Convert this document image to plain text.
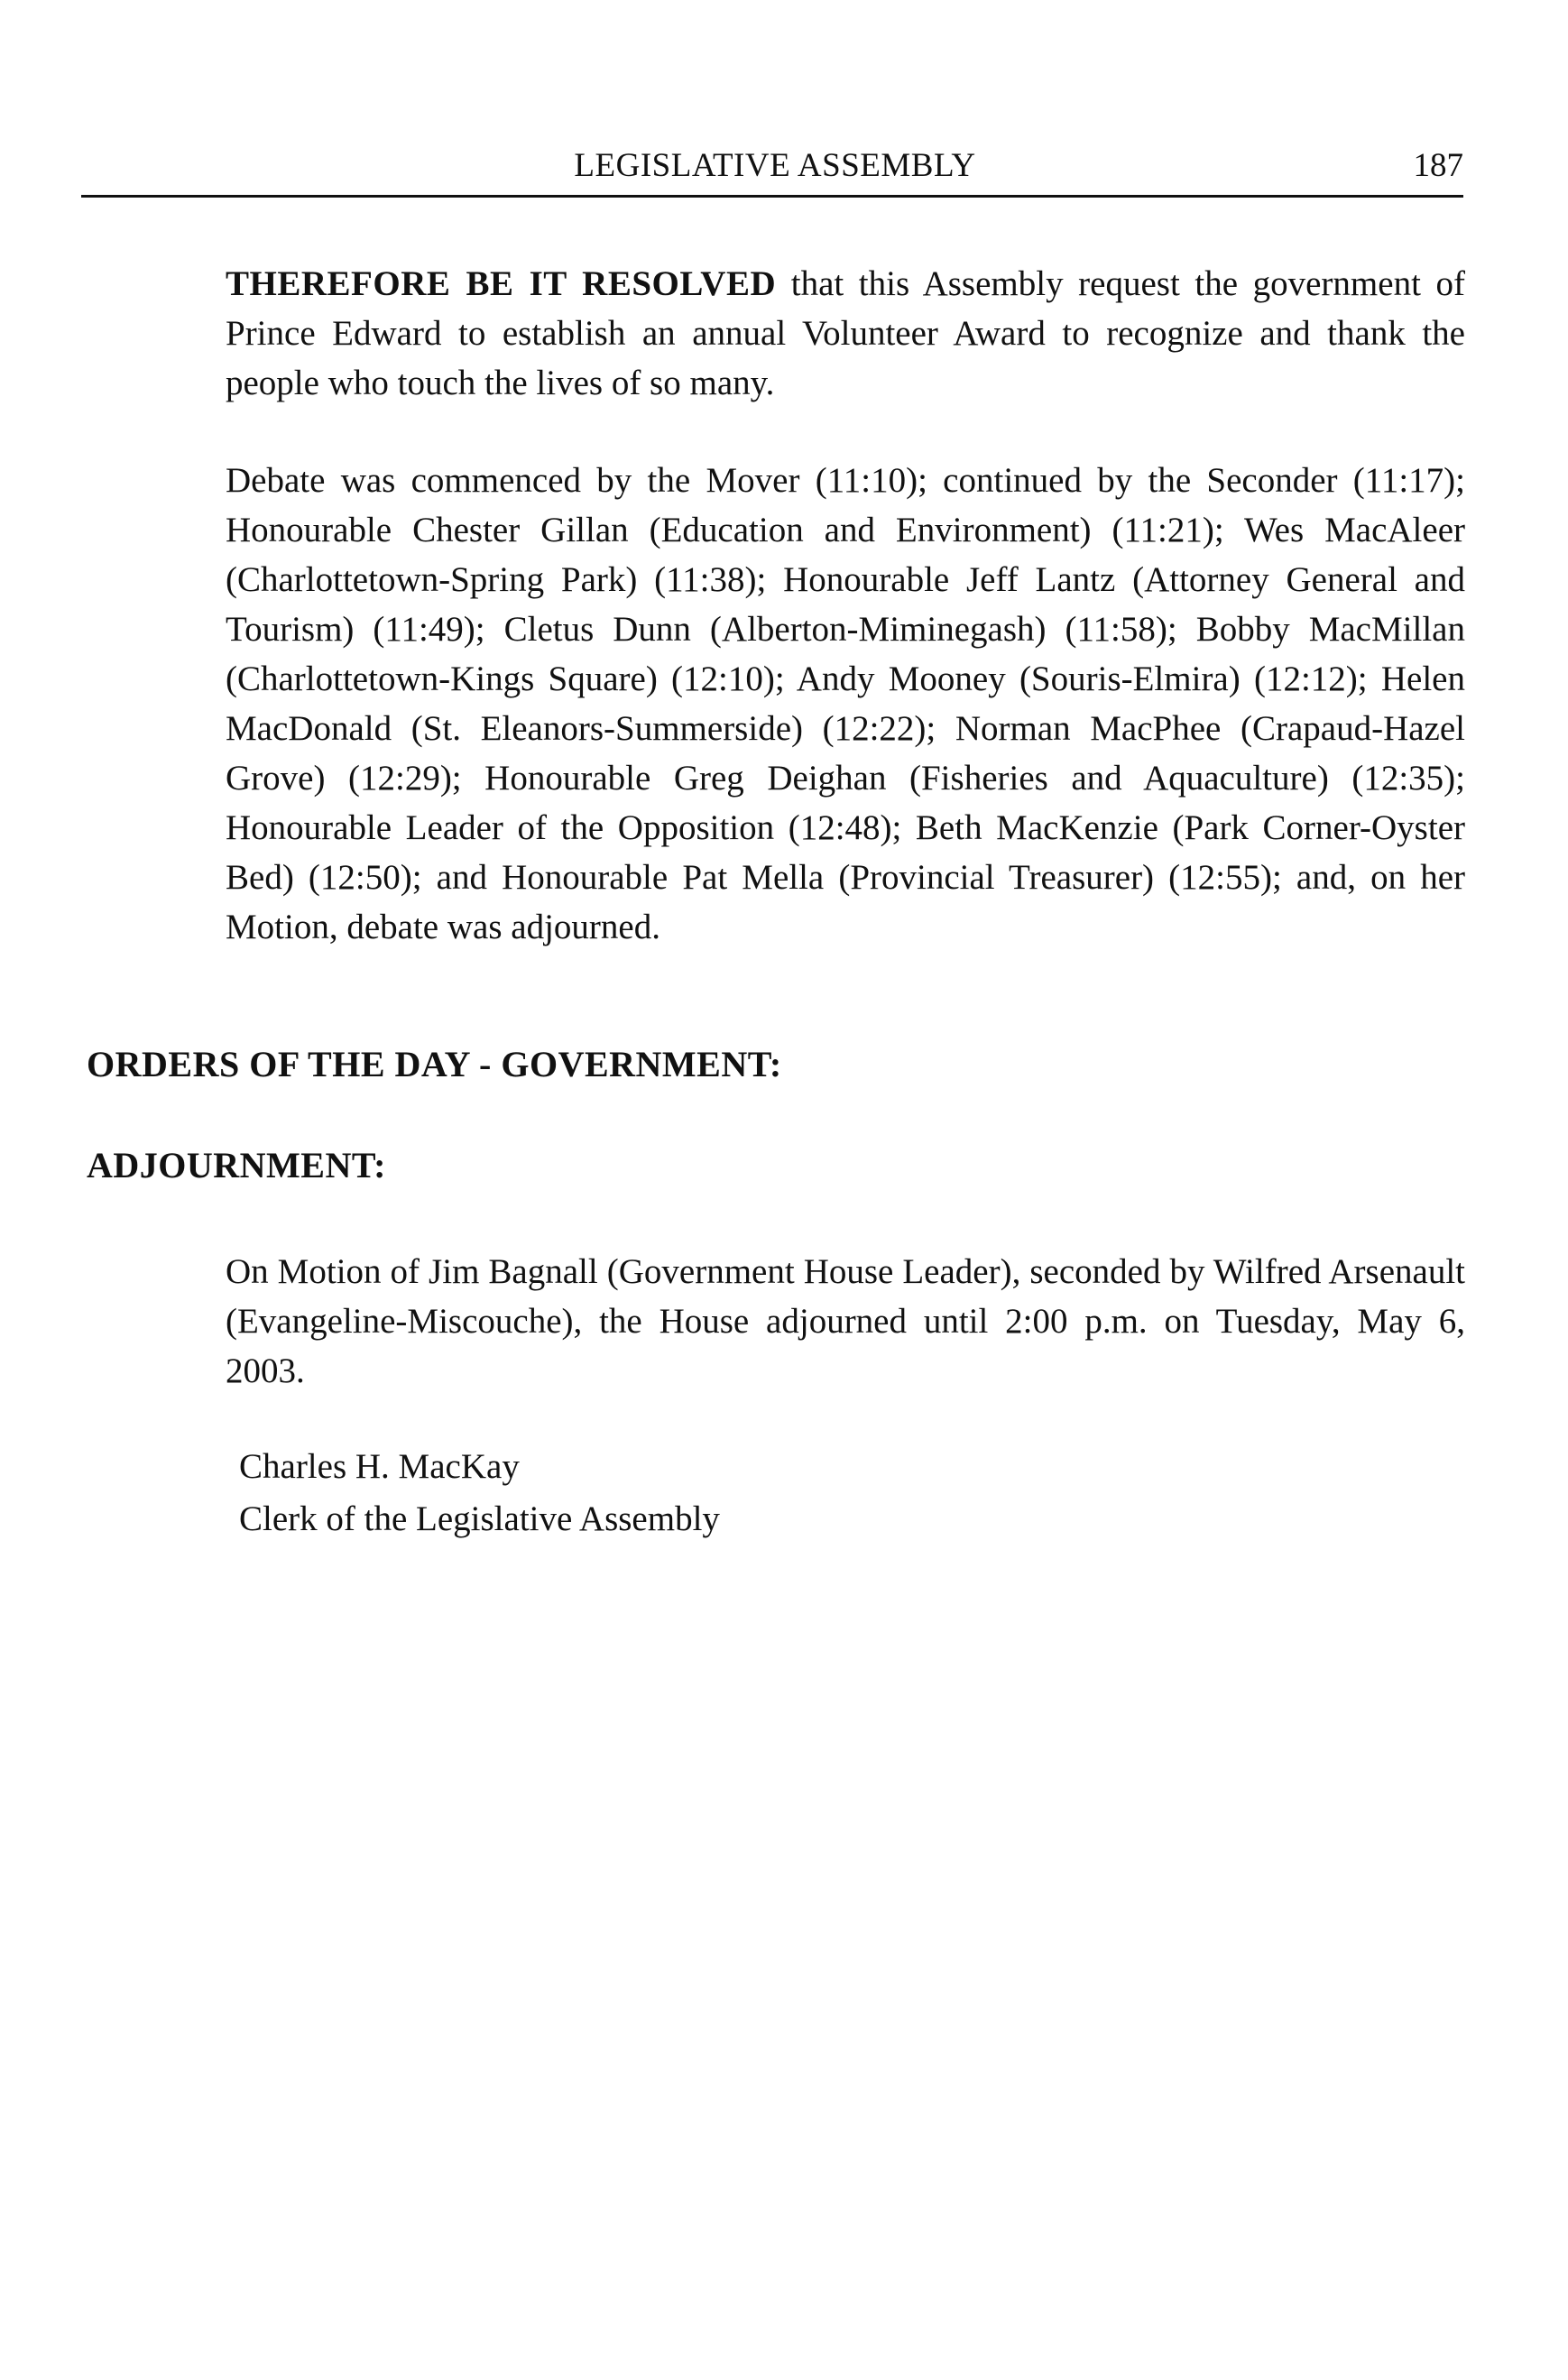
LEGISLATIVE ASSEMBLY	187

THEREFORE BE IT RESOLVED that this Assembly request the government of Prince Edward to establish an annual Volunteer Award to recognize and thank the people who touch the lives of so many.

Debate was commenced by the Mover (11:10); continued by the Seconder (11:17); Honourable Chester Gillan (Education and Environment) (11:21); Wes MacAleer (Charlottetown-Spring Park) (11:38); Honourable Jeff Lantz (Attorney General and Tourism) (11:49); Cletus Dunn (Alberton-Miminegash) (11:58); Bobby MacMillan (Charlottetown-Kings Square) (12:10); Andy Mooney (Souris-Elmira) (12:12); Helen MacDonald (St. Eleanors-Summerside) (12:22); Norman MacPhee (Crapaud-Hazel Grove) (12:29); Honourable Greg Deighan (Fisheries and Aquaculture) (12:35); Honourable Leader of the Opposition (12:48); Beth MacKenzie (Park Corner-Oyster Bed) (12:50); and Honourable Pat Mella (Provincial Treasurer) (12:55); and, on her Motion, debate was adjourned.

ORDERS OF THE DAY - GOVERNMENT:
ADJOURNMENT:

On Motion of Jim Bagnall (Government House Leader), seconded by Wilfred Arsenault (Evangeline-Miscouche), the House adjourned until 2:00 p.m. on Tuesday, May 6, 2003.

Charles H. MacKay
Clerk of the Legislative Assembly
